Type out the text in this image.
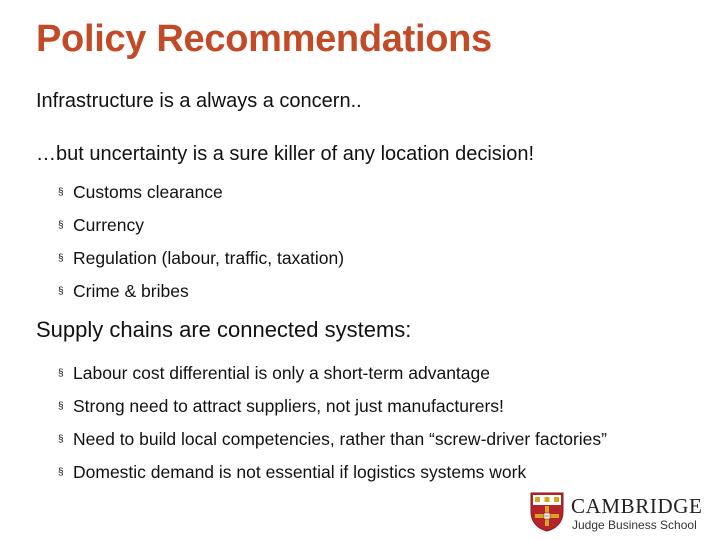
Policy Recommendations
Infrastructure is a always a concern..
…but uncertainty is a sure killer of any location decision!
§ Customs clearance
§ Currency
§ Regulation (labour, traffic, taxation)
§ Crime & bribes
Supply chains are connected systems:
§ Labour cost differential is only a short-term advantage
§ Strong need to attract suppliers, not just manufacturers!
§ Need to build local competencies, rather than “screw-driver factories”
§ Domestic demand is not essential if logistics systems work
CAMBRIDGE
Judge Business School
